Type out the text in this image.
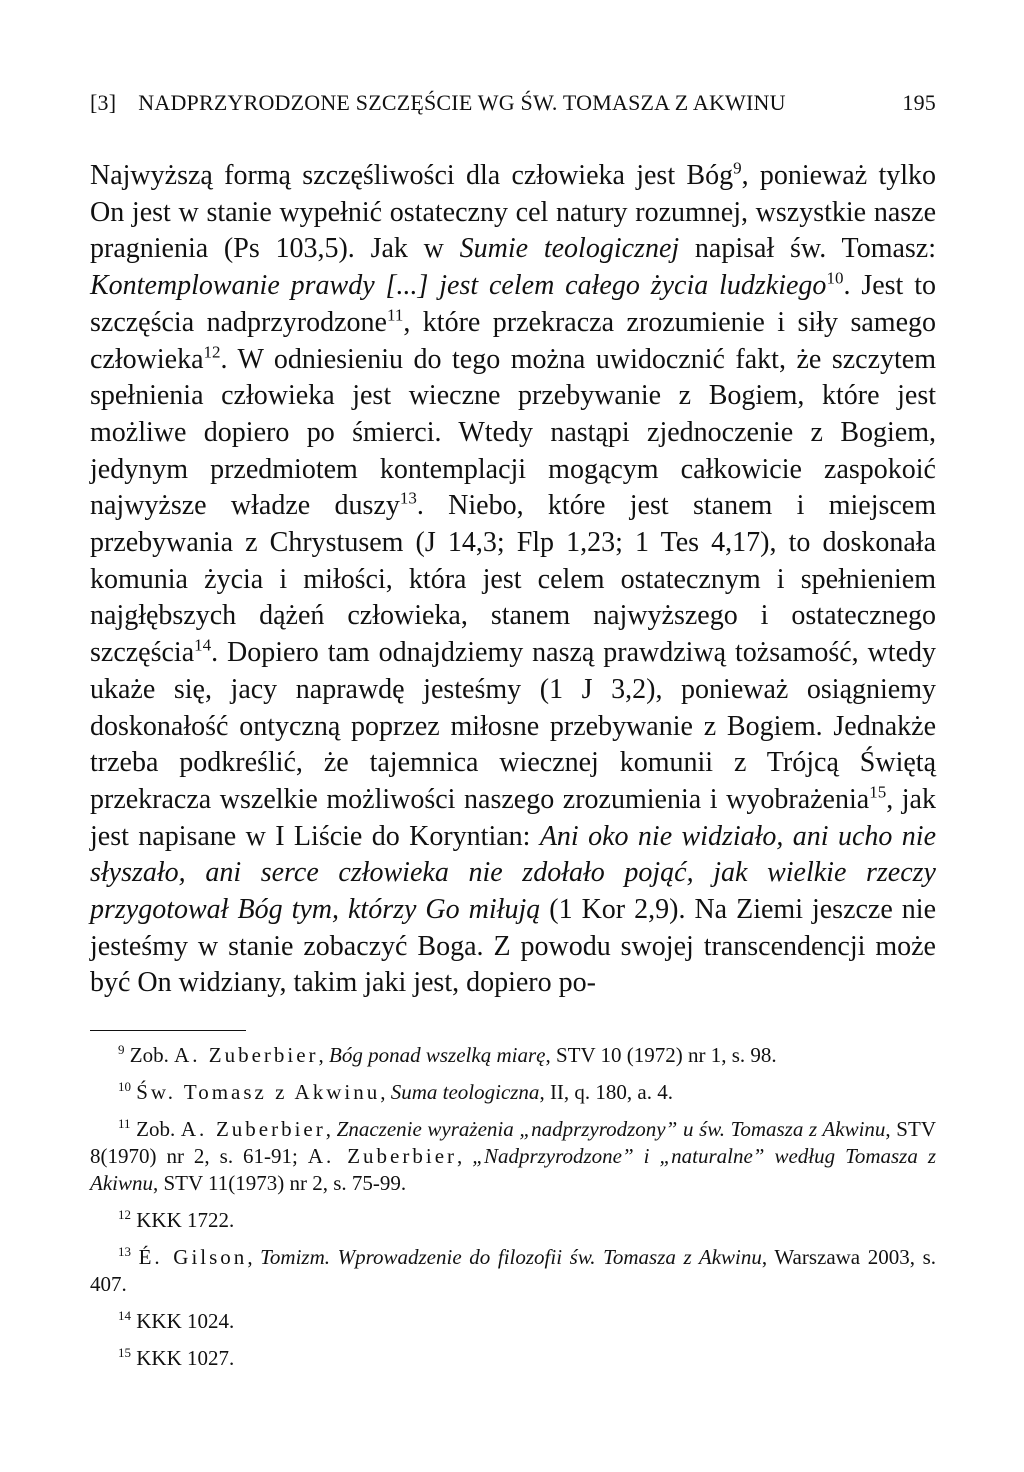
[3] NADPRZYRODZONE SZCZĘŚCIE WG ŚW. TOMASZA Z AKWINU	195

Najwyższą formą szczęśliwości dla człowieka jest Bóg$^9$, ponieważ tylko On jest w stanie wypełnić ostateczny cel natury rozumnej, wszystkie nasze pragnienia (Ps 103,5). Jak w Sumie teologicznej napisał św. Tomasz: Kontemplowanie prawdy [...] jest celem całego życia ludzkiego$^{10}$. Jest to szczęścia nadprzyrodzone$^{11}$, które przekracza zrozumienie i siły samego człowieka$^{12}$. W odniesieniu do tego można uwidocznić fakt, że szczytem spełnienia człowieka jest wieczne przebywanie z Bogiem, które jest możliwe dopiero po śmierci. Wtedy nastąpi zjednoczenie z Bogiem, jedynym przedmiotem kontemplacji mogącym całkowicie zaspokoić najwyższe władze duszy$^{13}$. Niebo, które jest stanem i miejscem przebywania z Chrystusem (J 14,3; Flp 1,23; 1 Tes 4,17), to doskonała komunia życia i miłości, która jest celem ostatecznym i spełnieniem najgłębszych dążeń człowieka, stanem najwyższego i ostatecznego szczęścia$^{14}$. Dopiero tam odnajdziemy naszą prawdziwą tożsamość, wtedy ukaże się, jacy naprawdę jesteśmy (1 J 3,2), ponieważ osiągniemy doskonałość ontyczną poprzez miłosne przebywanie z Bogiem. Jednakże trzeba podkreślić, że tajemnica wiecznej komunii z Trójcą Świętą przekracza wszelkie możliwości naszego zrozumienia i wyobrażenia$^{15}$, jak jest napisane w I Liście do Koryntian: Ani oko nie widziało, ani ucho nie słyszało, ani serce człowieka nie zdołało pojąć, jak wielkie rzeczy przygotował Bóg tym, którzy Go miłują (1 Kor 2,9). Na Ziemi jeszcze nie jesteśmy w stanie zobaczyć Boga. Z powodu swojej transcendencji może być On widziany, takim jaki jest, dopiero po-

$^9$ Zob. A. Zuberbier, Bóg ponad wszelką miarę, STV 10 (1972) nr 1, s. 98.

$^{10}$ Św. Tomasz z Akwinu, Suma teologiczna, II, q. 180, a. 4.

$^{11}$ Zob. A. Zuberbier, Znaczenie wyrażenia „nadprzyrodzony” u św. Tomasza z Akwinu, STV 8(1970) nr 2, s. 61-91; A. Zuberbier, „Nadprzyrodzone” i „naturalne” według Tomasza z Akiwnu, STV 11(1973) nr 2, s. 75-99.

$^{12}$ KKK 1722.

$^{13}$ É. Gilson, Tomizm. Wprowadzenie do filozofii św. Tomasza z Akwinu, Warszawa 2003, s. 407.

$^{14}$ KKK 1024.

$^{15}$ KKK 1027.
